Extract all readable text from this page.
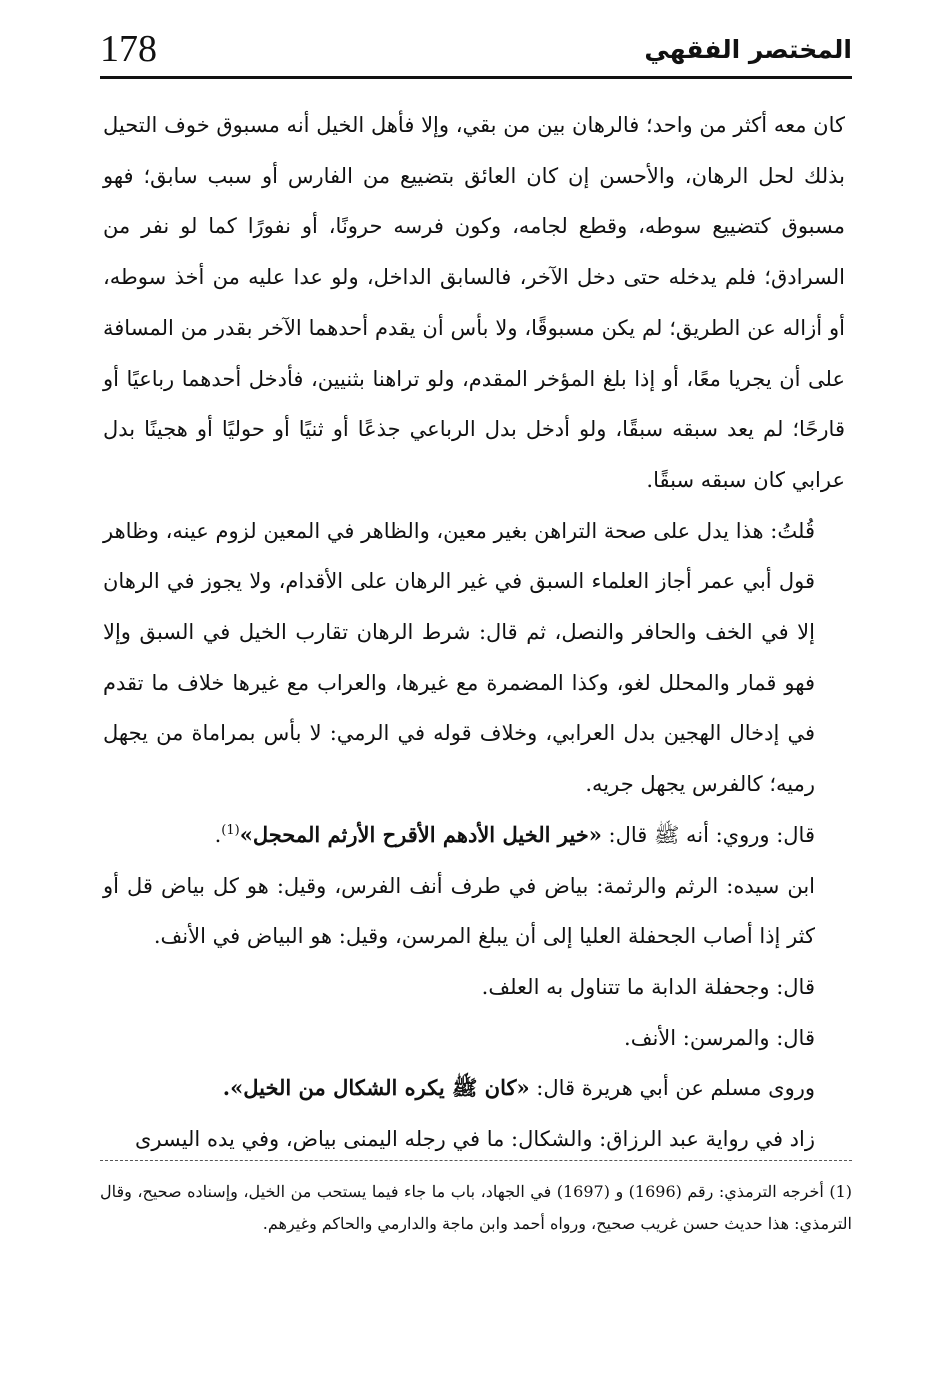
178	المختصر الفقهي

كان معه أكثر من واحد؛ فالرهان بين من بقي، وإلا فأهل الخيل أنه مسبوق خوف التحيل بذلك لحل الرهان، والأحسن إن كان العائق بتضييع من الفارس أو سبب سابق؛ فهو مسبوق كتضييع سوطه، وقطع لجامه، وكون فرسه حرونًا، أو نفورًا كما لو نفر من السرادق؛ فلم يدخله حتى دخل الآخر، فالسابق الداخل، ولو عدا عليه من أخذ سوطه، أو أزاله عن الطريق؛ لم يكن مسبوقًا، ولا بأس أن يقدم أحدهما الآخر بقدر من المسافة على أن يجريا معًا، أو إذا بلغ المؤخر المقدم، ولو تراهنا بثنيين، فأدخل أحدهما رباعيًا أو قارحًا؛ لم يعد سبقه سبقًا، ولو أدخل بدل الرباعي جذعًا أو ثنيًا أو حوليًا أو هجينًا بدل عرابي كان سبقه سبقًا.

قُلتُ: هذا يدل على صحة التراهن بغير معين، والظاهر في المعين لزوم عينه، وظاهر قول أبي عمر أجاز العلماء السبق في غير الرهان على الأقدام، ولا يجوز في الرهان إلا في الخف والحافر والنصل، ثم قال: شرط الرهان تقارب الخيل في السبق وإلا فهو قمار والمحلل لغو، وكذا المضمرة مع غيرها، والعراب مع غيرها خلاف ما تقدم في إدخال الهجين بدل العرابي، وخلاف قوله في الرمي: لا بأس بمراماة من يجهل رميه؛ كالفرس يجهل جريه.

قال: وروي: أنه ﷺ قال: «خير الخيل الأدهم الأقرح الأرثم المحجل»$^{(1)}$.

ابن سيده: الرثم والرثمة: بياض في طرف أنف الفرس، وقيل: هو كل بياض قل أو كثر إذا أصاب الجحفلة العليا إلى أن يبلغ المرسن، وقيل: هو البياض في الأنف.

قال: وجحفلة الدابة ما تتناول به العلف.

قال: والمرسن: الأنف.

وروى مسلم عن أبي هريرة قال: «كان ﷺ يكره الشكال من الخيل».

زاد في رواية عبد الرزاق: والشكال: ما في رجله اليمنى بياض، وفي يده اليسرى

(1) أخرجه الترمذي: رقم (1696) و (1697) في الجهاد، باب ما جاء فيما يستحب من الخيل، وإسناده صحيح، وقال الترمذي: هذا حديث حسن غريب صحيح، ورواه أحمد وابن ماجة والدارمي والحاكم وغيرهم.
